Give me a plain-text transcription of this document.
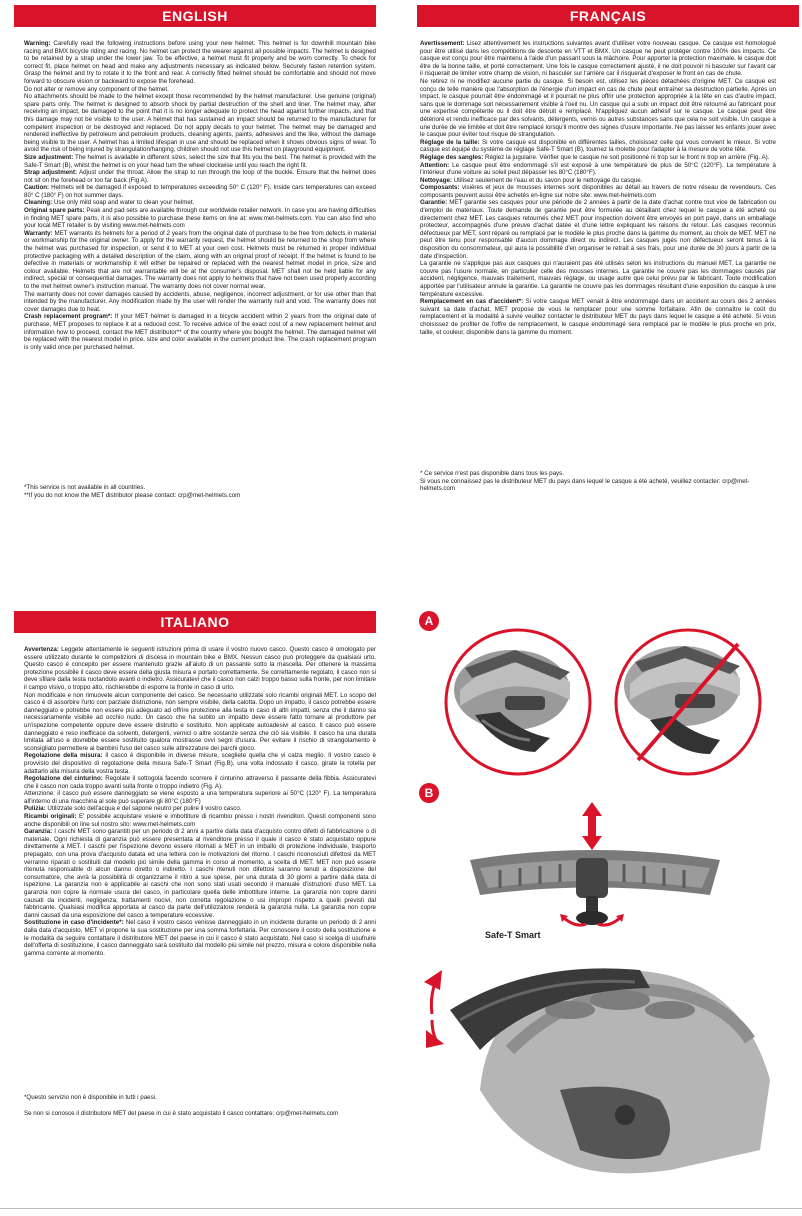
ENGLISH

Warning: Carefully read the following instructions before using your new helmet. This helmet is for downhill mountain bike racing and BMX bicycle riding and racing. No helmet can protect the wearer against all possible impacts. The helmet is designed to be retained by a strap under the lower jaw. To be effective, a helmet must fit properly and be worn correctly. To check for correct fit, place helmet on head and make any adjustments necessary as indicated below. Securely fasten retention system. Grasp the helmet and try to rotate it to the front and rear. A correctly fitted helmet should be comfortable and should not move forward to obscure vision or backward to expose the forehead.

Do not alter or remove any component of the helmet.

No attachments should be made to the helmet except those recommended by the helmet manufacturer. Use genuine (original) spare parts only. The helmet is designed to absorb shock by partial destruction of the shell and liner. The helmet may, after receiving an impact, be damaged to the point that it is no longer adequate to protect the head against further impacts, and that this damage may not be visible to the user. A helmet that has sustained an impact should be returned to the manufacturer for competent inspection or be destroyed and replaced. Do not apply decals to your helmet. The helmet may be damaged and rendered ineffective by petroleum and petroleum products, cleaning agents, paints, adhesives and the like, without the damage being visible to the user. A helmet has a limited lifespan in use and should be replaced when it shows obvious signs of wear. To avoid the risk of being injured by strangulation/hanging, children should not use this helmet on playground equipment.

Size adjustment: The helmet is available in different sizes, select the size that fits you the best. The helmet is provided with the Safe-T Smart (B), whilst the helmet is on your head turn the wheel clockwise until you reach the right fit.

Strap adjustment: Adjust under the throat. Allow the strap to run through the loop of the buckle. Ensure that the helmet does not sit on the forehead or too far back (Fig A).

Caution: Helmets will be damaged if exposed to temperatures exceeding 50° C (120° F). Inside cars temperatures can exceed 80° C (180° F) on hot summer days.

Cleaning: Use only mild soap and water to clean your helmet.

Original spare parts: Peak and pad sets are available through our worldwide retailer network. In case you are having difficulties in finding MET spare parts, it is also possible to purchase these items on line at: www.met-helmets.com. You can also find who your local MET retailer is by visiting www.met-helmets.com

Warranty: MET warrants its helmets for a period of 2 years from the original date of purchase to be free from defects in material or workmanship for the original owner. To apply for the warranty request, the helmet should be returned to the shop from where the helmet was purchased for inspection, or send it to MET at your own cost. Helmets must be returned in proper individual protective packaging with a detailed description of the claim, along with an original proof of receipt. If the helmet is found to be defective in materials or workmanship it will either be repaired or replaced with the nearest helmet model in price, size and colour available. Helmets that are not warrantable will be at the consumer's disposal. MET shall not be held liable for any indirect, special or consequential damages. The warranty does not apply to helmets that have not been used properly according to the met helmet owner's instruction manual. The warranty does not cover normal wear.

The warranty does not cover damages caused by accidents, abuse, negligence, incorrect adjustment, or for use other than that intended by the manufacturer. Any modification made by the user will render the warranty null and void. The warranty does not cover damages due to heat.

Crash replacement program*: If your MET helmet is damaged in a bicycle accident within 2 years from the original date of purchase, MET proposes to replace it at a reduced cost. To receive advice of the exact cost of a new replacement helmet and information how to proceed, contact the MET distributor** of the country where you bought the helmet. The damaged helmet will be replaced with the nearest model in price, size and color available in the current product line. The crash replacement program is only valid once per purchased helmet.

*This service is not available in all countries.

**If you do not know the MET distributor please contact: crp@met-helmets.com

FRANÇAIS

Avertissement: Lisez attentivement les instructions suivantes avant d'utiliser votre nouveau casque. Ce casque est homologué pour être utilisé dans les compétitions de descente en VTT et BMX. Un casque ne peut protéger contre 100% des impacts. Ce casque est conçu pour être maintenu à l'aide d'un passant sous la mâchoire. Pour apporter la protection maximale, le casque doit être de la bonne taille, et porté correctement. Une fois le casque correctement ajusté, il ne doit pouvoir ni basculer sur l'avant car il risquerait de limiter votre champ de vision, ni basculer sur l'arrière car il risquerait d'exposer le front en cas de chute.

Ne retirez ni ne modifiez aucune partie du casque. Si besoin est, utilisez les pièces détachées d'origine MET. Ce casque est conçu de telle manière que l'absorption de l'énergie d'un impact en cas de chute peut entraîner sa destruction partielle. Après un impact, le casque pourrait être endommagé et il pourrait ne plus offrir une protection appropriée à la tête en cas d'autre impact, sans que le dommage soit nécessairement visible à l'oeil nu. Un casque qui a subi un impact doit être retourné au fabricant pour une expertise compétente ou il doit être détruit e remplacé. N'appliquez aucun adhésif sur le casque. Le casque peut être détérioré et rendu inefficace par des solvants, détergents, vernis ou autres substances sans que cela ne soit visible. Un casque a une durée de vie limitée et doit être remplacé lorsqu'il montre des signes d'usure importante. Ne pas laisser les enfants jouer avec le casque pour éviter tout risque de strangulation.

Réglage de la taille: Si votre casque est disponible en différentes tailles, choisissez celle qui vous convient le mieux. Si votre casque est équipé du système de réglage Safe-T Smart (B), tournez la molette pour l'adapter à la mesure de votre tête.

Réglage des sangles: Réglez la jugulaire. Vérifier que le casque ne soit positionné ni trop sur le front ni trop en arrière (Fig. A).

Attention: Le casque peut être endommagé s'il est exposé à une température de plus de 50°C (120°F). La température à l'intérieur d'une voiture au soleil peut dépasser les 80°C (180°F).

Nettoyage: Utilisez seulement de l'eau et du savon pour le nettoyage du casque.

Composants: visières et jeux de mousses internes sont disponibles au détail au travers de notre réseau de revendeurs. Ces composants peuvent aussi être achetés en-ligne sur notre site: www.met-helmets.com

Garantie: MET garantie ses casques pour une période de 2 années à partir de la date d'achat contre tout vice de fabrication ou d'emploi de matériaux. Toute demande de garantie peut être formulée au détaillant chez lequel le casque a été acheté ou directement chez MET. Les casques retournés chez MET pour inspection doivent être envoyés en port payé, dans un emballage protecteur, accompagnés d'une preuve d'achat datée et d'une lettre expliquant les raisons du retour. Les casques reconnus défectueux par MET, sont réparé ou remplacé par le modèle le plus proche dans la gamme du moment, au choix de MET. MET ne peut être tenu pour responsable d'aucun dommage direct ou indirect. Les casques jugés non défectueux seront tenus à la disposition du consommateur, qui aura la possibilité d'en organiser le retrait à ses frais, pour une durée de 30 jours à partir de la date d'inspection.

La garantie ne s'applique pas aux casques qui n'auraient pas été utilisés selon les instructions du manuel MET. La garantie ne couvre pas l'usure normale, en particulier celle des mousses internes. La garantie ne couvre pas les dommages causés par accident, négligence, mauvais traitement, mauvais réglage, ou usage autre que celui prévu par le fabricant. Toute modification apportée par l'utilisateur annule la garantie. La garantie ne couvre pas les dommages résultant d'une exposition du casque à une température excessive.

Remplacement en cas d'accident*: Si votre casque MET venait à être endommagé dans un accident au cours des 2 années suivant sa date d'achat, MET propose de vous le remplacer pour une somme forfaitaire. Afin de connaître le coût du remplacement et la modalité à suivre veuillez contacter le distributeur MET du pays dans lequel le casque a été acheté. Si vous choisissez de profiter de l'offre de remplacement, le casque endommagé sera remplacé par le modèle le plus proche en prix, taille, et couleur, disponible dans la gamme du moment.

* Ce service n'est pas disponible dans tous les pays.

Si vous ne connaissez pas le distributeur MET du pays dans lequel le casque a été acheté, veuillez contacter: crp@met-helmets.com

ITALIANO

Avvertenza: Leggete attentamente le seguenti istruzioni prima di usare il vostro nuovo casco. Questo casco è omologato per essere utilizzato durante le competizioni di discesa in mountain bike e BMX. Nessun casco può proteggere da qualsiasi urto. Questo casco è concepito per essere mantenuto grazie all'aiuto di un passante sotto la mascella. Per ottenere la massima protezione possibile il casco deve essere della giusta misura e portato correttamente. Se correttamente regolato, il casco non si deve sfilare dalla testa ruotandolo avanti o indietro. Assicuratevi che il casco non calzi troppo basso sulla fronte, per non limitare il campo visivo, o troppo alto, rischierebbe di esporre la fronte in caso di urto.

Non modificate e non rimuovete alcun componente del casco. Se necessario utilizzate solo ricambi originali MET. Lo scopo del casco è di assorbire l'urto con parziale distruzione, non sempre visibile, della calotta. Dopo un impatto, il casco potrebbe essere danneggiato e potrebbe non essere più adeguato ad offrire protezione alla testa in caso di altri impatti, senza che il danno sia necessariamente visibile ad occhio nudo. Un casco che ha subito un impatto deve essere fatto tornare al produttore per un'ispezione competente oppure deve essere distrutto e sostituito. Non applicate autoadesivi al casco. Il casco può essere danneggiato e reso inefficace da solventi, detergenti, vernici o altre sostanze senza che ciò sia visibile. Il casco ha una durata limitata all'uso e dovrebbe essere sostituito qualora mostrasse ovvi segni d'usura. Per evitare il rischio di strangolamento è sconsigliato permettere ai bambini l'uso del casco sulle attrezzature dei parchi gioco.

Regolazione della misura: Il casco è disponibile in diverse misure, scegliete quella che vi calza meglio. Il vostro casco è provvisto del dispositivo di regolazione della misura Safe-T Smart (Fig.B), una volta indossato il casco, girate la rotella per adattarlo alla misura della vostra testa.

Regolazione del cinturino: Regolate il sottogola facendo scorrere il cinturino attraverso il passante della fibbia. Assicuratevi che il casco non cada troppo avanti sulla fronte o troppo indietro (Fig. A).

Attenzione: il casco può essere danneggiato se viene esposto a una temperatura superiore ai 50°C (120° F). La temperatura all'interno di una macchina al sole può superare gli 80°C (180°F)

Pulizia: Utilizzate solo dell'acqua e del sapone neutro per pulire il vostro casco.

Ricambi originali: E' possibile acquistare visiere e imbottiture di ricambio presso i nostri rivenditori. Questi componenti sono anche disponibili on line sul nostro sito: www.met-helmets.com

Garanzia: I caschi MET sono garantiti per un periodo di 2 anni a partire dalla data d'acquisto contro difetti di fabbricazione o di materiale. Ogni richiesta di garanzia può essere presentata al rivenditore presso il quale il casco è stato acquistato oppure direttamente a MET. I caschi per l'ispezione devono essere ritornati a MET in un imballo di protezione individuale, trasporto prepagato, con una prova d'acquisto datata ed una lettera con le motivazioni del ritorno. I caschi riconosciuti difettosi da MET verranno riparati o sostituiti dal modello più simile della gamma in corso al momento, a scelta di MET. MET non può essere ritenuta responsabile di alcun danno diretto o indiretto. I caschi ritenuti non difettosi saranno tenuti a disposizione del consumatore, che avrà la possibilità di organizzarne il ritiro a sue spese, per una durata di 30 giorni a partire dalla data di ispezione. La garanzia non è applicabile ai caschi che non sono stati usati secondo il manuale d'istruzioni d'uso MET. La garanzia non copre la normale usura del casco, in particolare quella delle imbottiture interne. La garanzia non copre danni causati da incidenti, negligenza, trattamenti nocivi, non corretta regolazione o usi impropri rispetto a quelli previsti dal fabbricante. Qualsiasi modifica apportata al casco da parte dell'utilizzatore renderà la garanzia nulla. La garanzia non copre danni causati da una esposizione del casco a temperature eccessive.

Sostituzione in caso d'incidente*: Nel caso il vostro casco venisse danneggiato in un incidente durante un periodo di 2 anni dalla data d'acquisto, MET vi propone la sua sostituzione per una somma forfettaria. Per conoscere il costo della sostituzione e le modalità da seguire contattare il distributore MET del paese in cui il casco è stato acquistato. Nel caso si scelga di usufruire dell'offerta di sostituzione, il casco danneggiato sarà sostituito dal modello più simile nel prezzo, misura e colore disponibile nella gamma corrente al momento.

*Questo servizio non è disponibile in tutti i paesi.

Se non si conosce il distributore MET del paese in cui è stato acquistato il casco contattare: crp@met-helmets.com

A
B
Safe-T Smart
